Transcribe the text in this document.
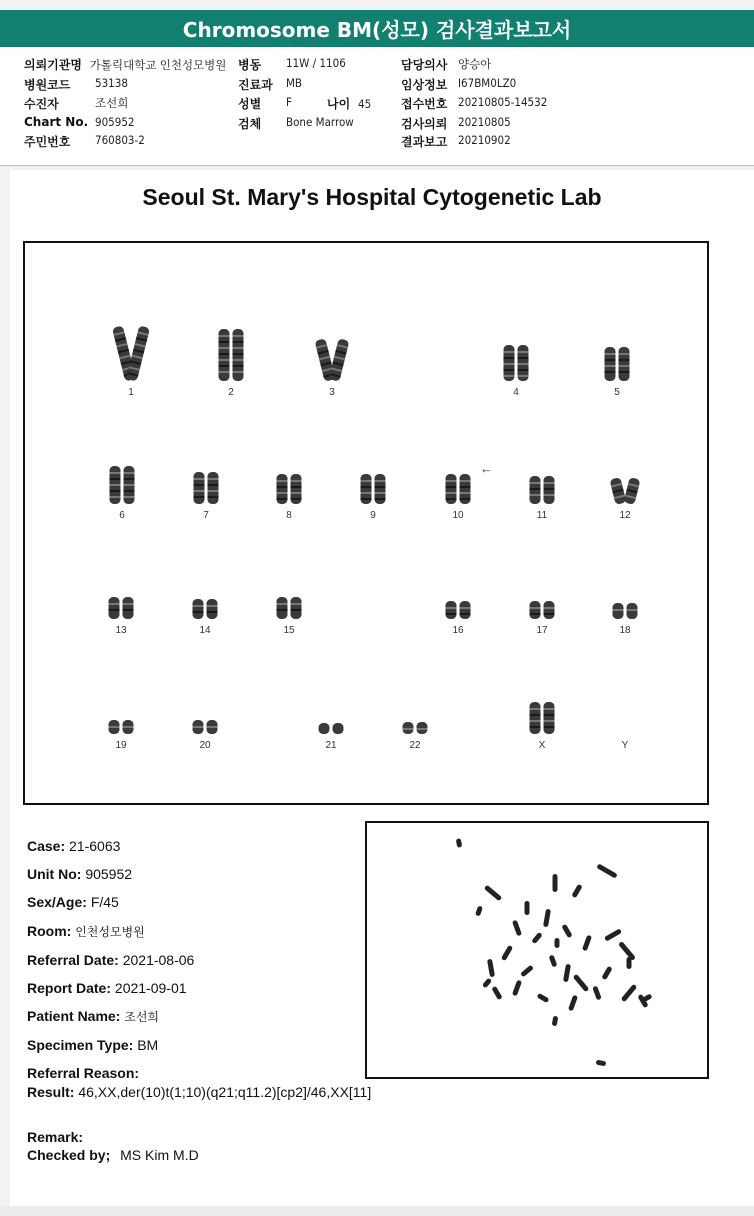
Chromosome BM(성모) 검사결과보고서
의뢰기관명 가톨릭대학교 인천성모병원
병원코드 53138
수진자	조선희
Chart No. 905952
주민번호 760803-2
병동 11W / 1106
진료과 MB
성별 F	나이 45
검체 Bone Marrow
담당의사 양승아
임상정보 I67BM0LZ0
접수번호 20210805-14532
검사의뢰 20210805
결과보고 20210902
Seoul St. Mary's Hospital Cytogenetic Lab
1	2	3	4	5
6	7	8	9	10	11	12
13	14	15	16	17	18
19	20	21	22	X	Y
←
Case: 21-6063
Unit No: 905952
Sex/Age: F/45
Room: 인천성모병원
Referral Date: 2021-08-06
Report Date: 2021-09-01
Patient Name: 조선희
Specimen Type: BM
Referral Reason:
Result: 46,XX,der(10)t(1;10)(q21;q11.2)[cp2]/46,XX[11]
Remark:
Checked by; MS Kim M.D
